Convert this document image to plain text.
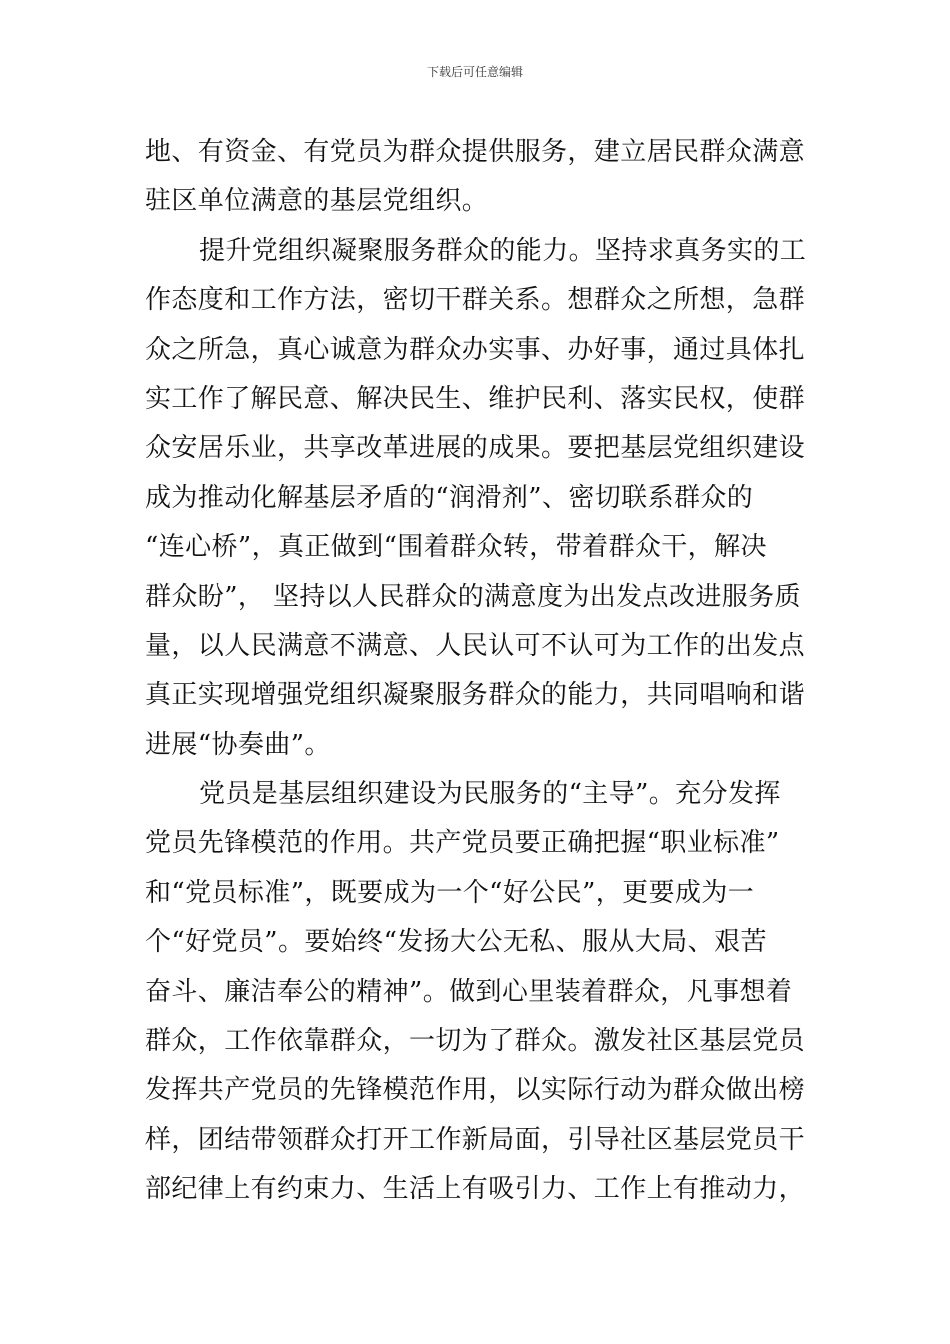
下载后可任意编辑
地、有资金、有党员为群众提供服务，建立居民群众满意
驻区单位满意的基层党组织。
提升党组织凝聚服务群众的能力。坚持求真务实的工
作态度和工作方法，密切干群关系。想群众之所想，急群
众之所急，真心诚意为群众办实事、办好事，通过具体扎
实工作了解民意、解决民生、维护民利、落实民权，使群
众安居乐业，共享改革进展的成果。要把基层党组织建设
成为推动化解基层矛盾的“润滑剂”、密切联系群众的
“连心桥”，真正做到“围着群众转，带着群众干，解决
群众盼”， 坚持以人民群众的满意度为出发点改进服务质
量，以人民满意不满意、人民认可不认可为工作的出发点
真正实现增强党组织凝聚服务群众的能力，共同唱响和谐
进展“协奏曲”。
党员是基层组织建设为民服务的“主导”。充分发挥
党员先锋模范的作用。共产党员要正确把握“职业标准”
和“党员标准”，既要成为一个“好公民”，更要成为一
个“好党员”。要始终“发扬大公无私、服从大局、艰苦
奋斗、廉洁奉公的精神”。做到心里装着群众，凡事想着
群众，工作依靠群众，一切为了群众。激发社区基层党员
发挥共产党员的先锋模范作用，以实际行动为群众做出榜
样，团结带领群众打开工作新局面，引导社区基层党员干
部纪律上有约束力、生活上有吸引力、工作上有推动力，
